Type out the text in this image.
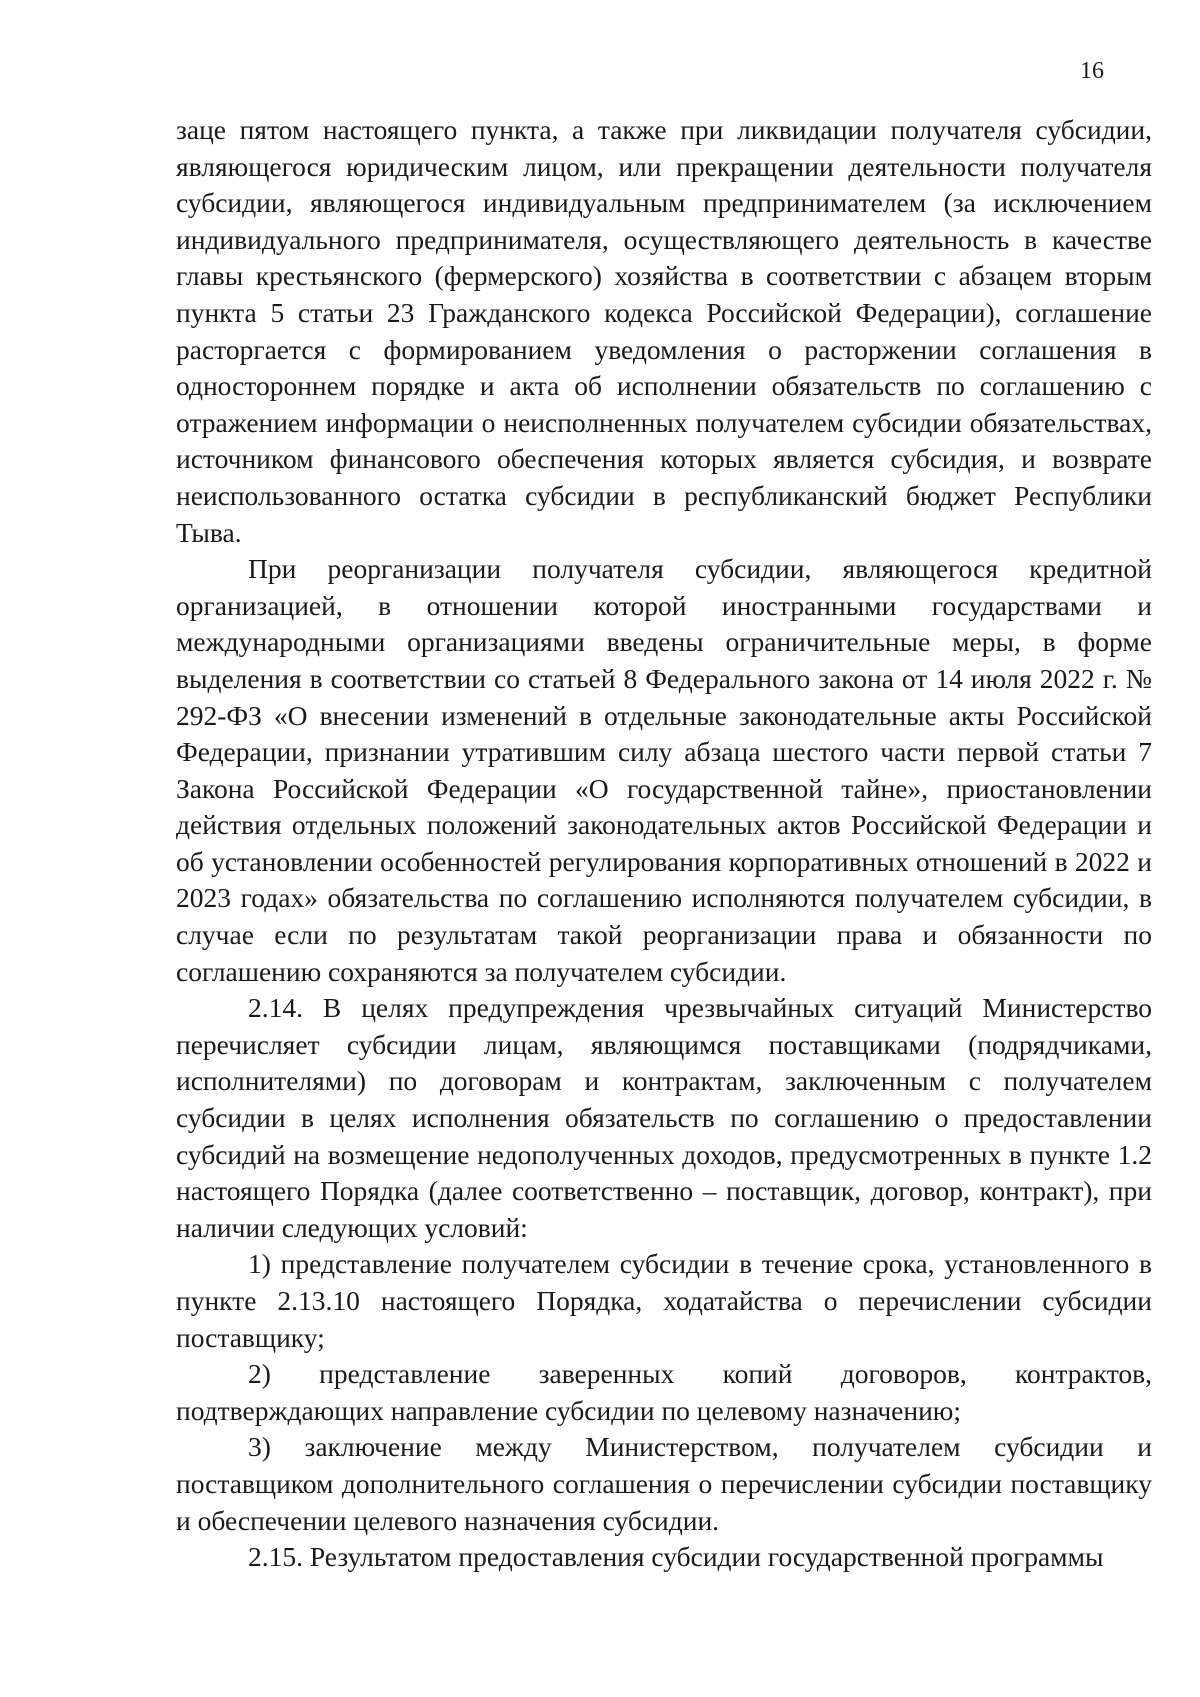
16

заце пятом настоящего пункта, а также при ликвидации получателя субсидии, являющегося юридическим лицом, или прекращении деятельности получателя субсидии, являющегося индивидуальным предпринимателем (за исключением индивидуального предпринимателя, осуществляющего деятельность в качестве главы крестьянского (фермерского) хозяйства в соответствии с абзацем вторым пункта 5 статьи 23 Гражданского кодекса Российской Федерации), соглашение расторгается с формированием уведомления о расторжении соглашения в одностороннем порядке и акта об исполнении обязательств по соглашению с отражением информации о неисполненных получателем субсидии обязательствах, источником финансового обеспечения которых является субсидия, и возврате неиспользованного остатка субсидии в республиканский бюджет Республики Тыва.

При реорганизации получателя субсидии, являющегося кредитной организацией, в отношении которой иностранными государствами и международными организациями введены ограничительные меры, в форме выделения в соответствии со статьей 8 Федерального закона от 14 июля 2022 г. № 292-ФЗ «О внесении изменений в отдельные законодательные акты Российской Федерации, признании утратившим силу абзаца шестого части первой статьи 7 Закона Российской Федерации «О государственной тайне», приостановлении действия отдельных положений законодательных актов Российской Федерации и об установлении особенностей регулирования корпоративных отношений в 2022 и 2023 годах» обязательства по соглашению исполняются получателем субсидии, в случае если по результатам такой реорганизации права и обязанности по соглашению сохраняются за получателем субсидии.

2.14. В целях предупреждения чрезвычайных ситуаций Министерство перечисляет субсидии лицам, являющимся поставщиками (подрядчиками, исполнителями) по договорам и контрактам, заключенным с получателем субсидии в целях исполнения обязательств по соглашению о предоставлении субсидий на возмещение недополученных доходов, предусмотренных в пункте 1.2 настоящего Порядка (далее соответственно – поставщик, договор, контракт), при наличии следующих условий:

1) представление получателем субсидии в течение срока, установленного в пункте 2.13.10 настоящего Порядка, ходатайства о перечислении субсидии поставщику;

2) представление заверенных копий договоров, контрактов, подтверждающих направление субсидии по целевому назначению;

3) заключение между Министерством, получателем субсидии и поставщиком дополнительного соглашения о перечислении субсидии поставщику и обеспечении целевого назначения субсидии.

2.15. Результатом предоставления субсидии государственной программы
